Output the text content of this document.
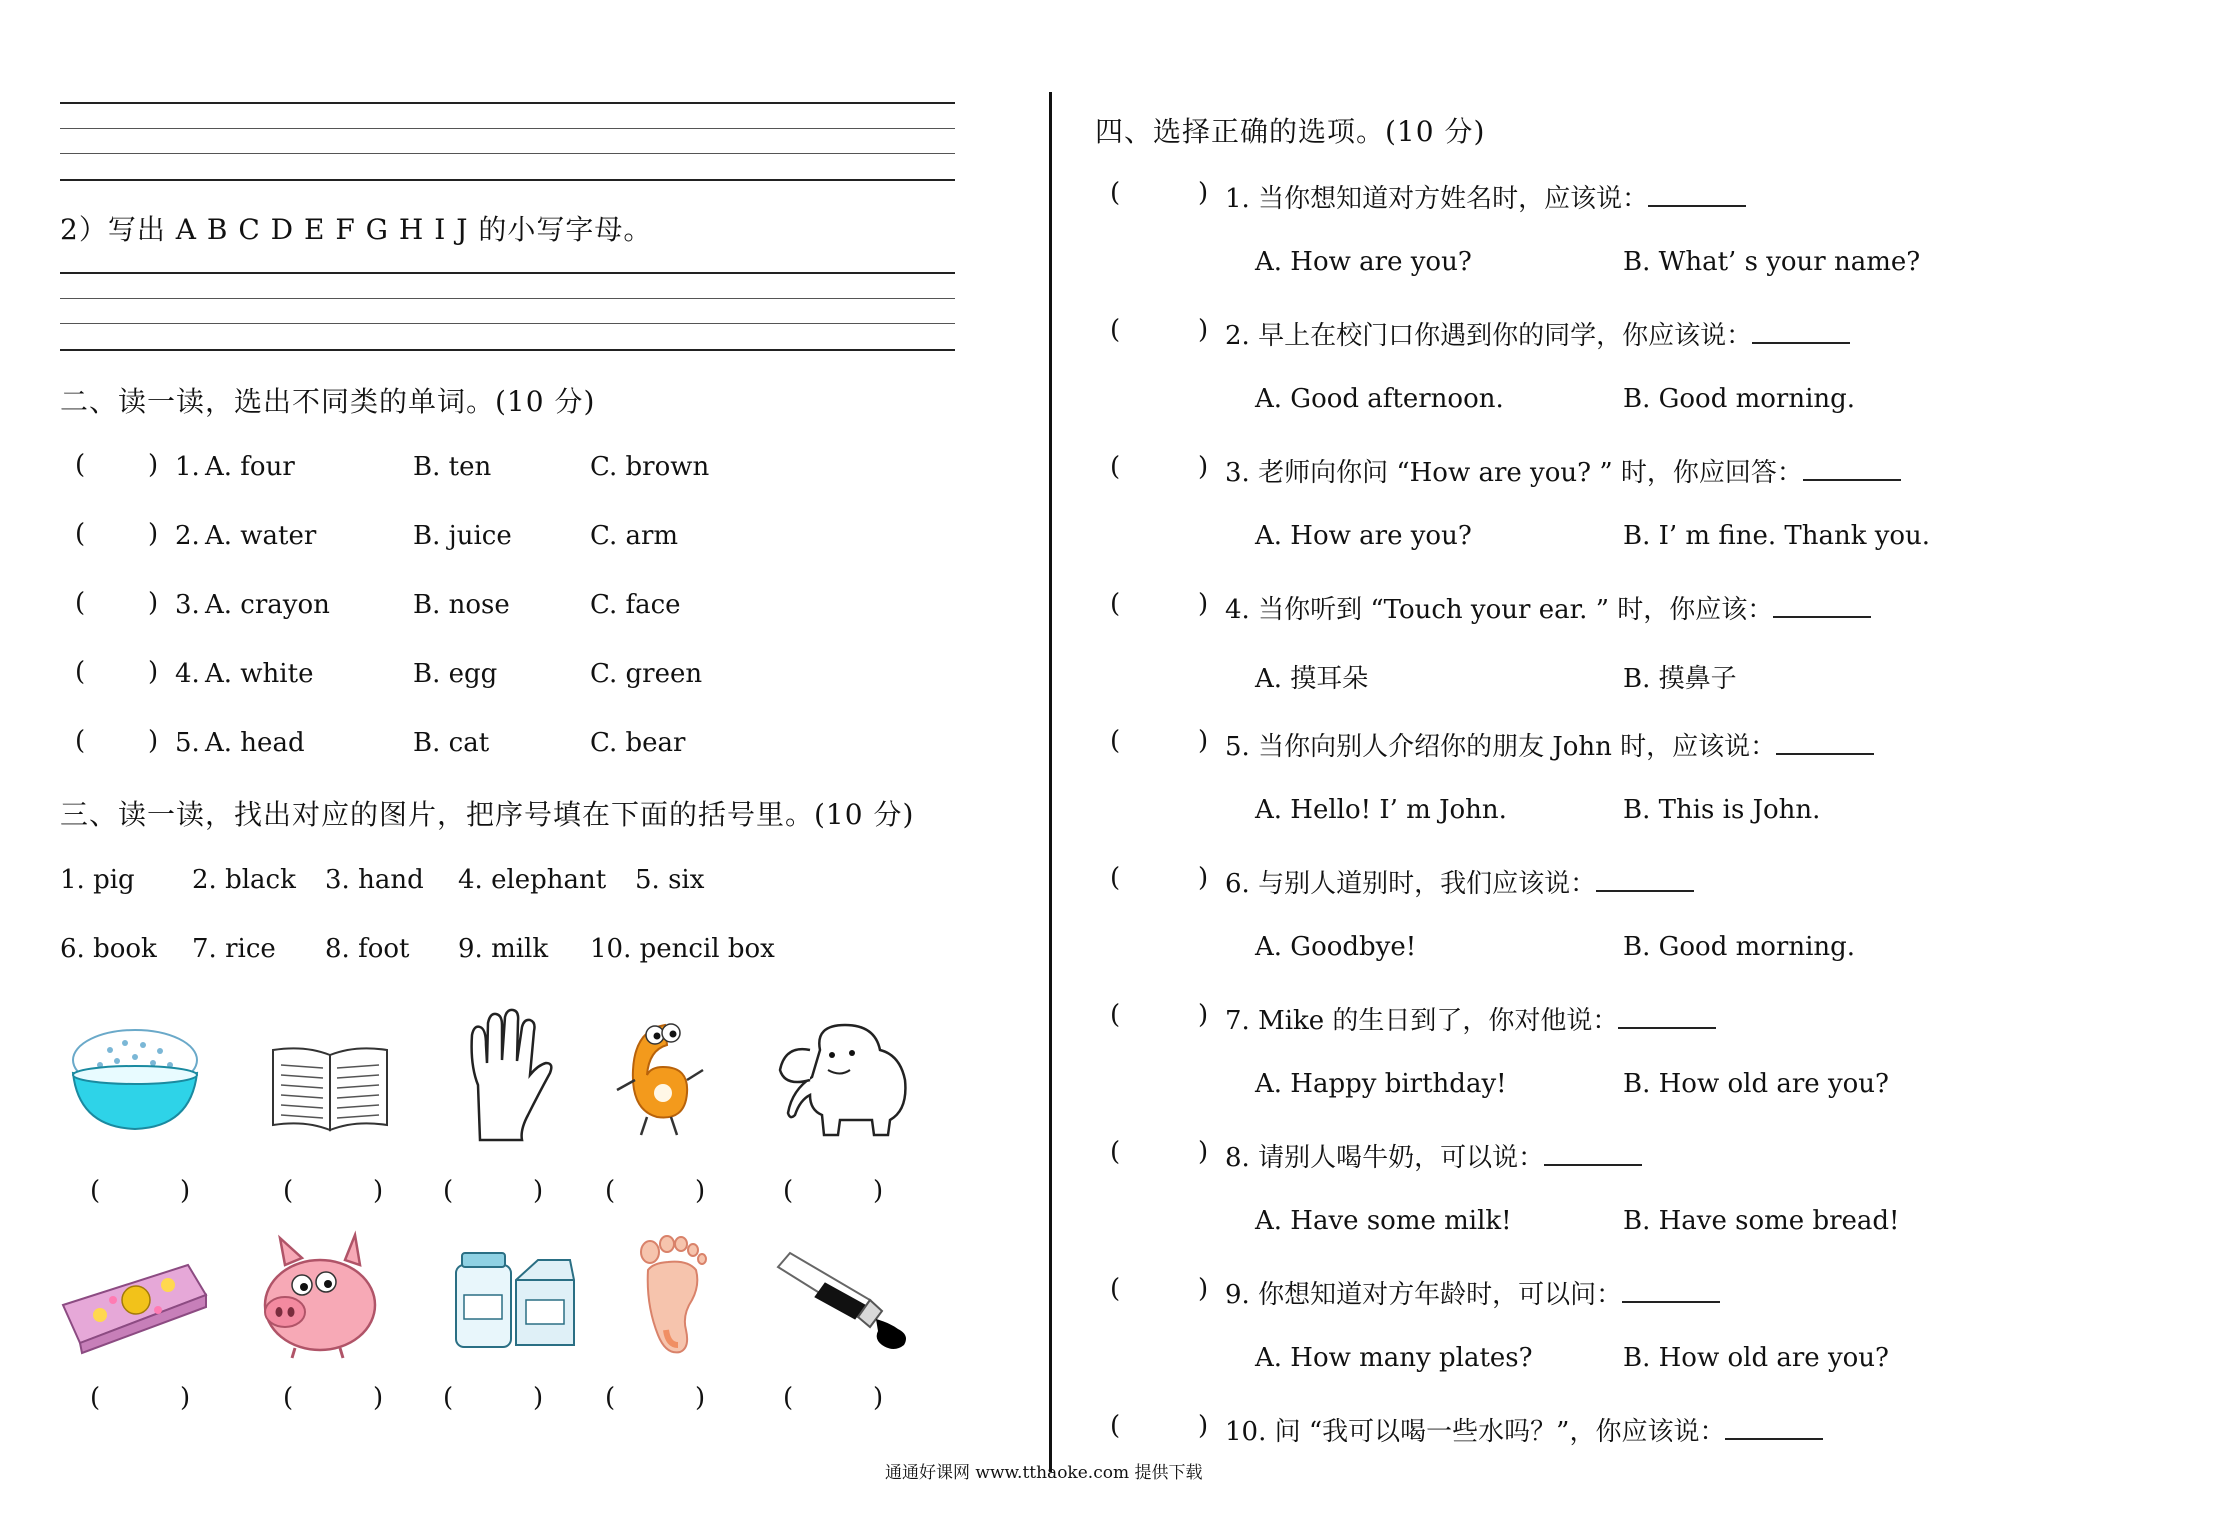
2）写出 A B C D E F G H I J 的小写字母。
二、读一读，选出不同类的单词。(10 分)
( ) 1. A. four	B. ten	C. brown
( ) 2. A. water	B. juice	C. arm
( ) 3. A. crayon	B. nose	C. face
( ) 4. A. white	B. egg	C. green
( ) 5. A. head	B. cat	C. bear
三、读一读，找出对应的图片，把序号填在下面的括号里。(10 分)
1. pig 2. black 3. hand 4. elephant 5. six
6. book 7. rice 8. foot 9. milk 10. pencil box
(	)	(	) (	) (	)	(	)
(	)	(	) (	) (	)	(	)
四、选择正确的选项。(10 分)
(	) 1. 当你想知道对方姓名时，应该说：
A. How are you?	B. What’ s your name?
(	) 2. 早上在校门口你遇到你的同学，你应该说：
A. Good afternoon.	B. Good morning.
(	) 3. 老师向你问 “How are you? ” 时，你应回答：
A. How are you?	B. I’ m fine. Thank you.
(	) 4. 当你听到 “Touch your ear. ” 时，你应该：
A. 摸耳朵	B. 摸鼻子
(	) 5. 当你向别人介绍你的朋友 John 时，应该说：
A. Hello! I’ m John.	B. This is John.
(	) 6. 与别人道别时，我们应该说：
A. Goodbye!	B. Good morning.
(	) 7. Mike 的生日到了，你对他说：
A. Happy birthday!	B. How old are you?
(	) 8. 请别人喝牛奶，可以说：
A. Have some milk!	B. Have some bread!
(	) 9. 你想知道对方年龄时，可以问：
A. How many plates?	B. How old are you?
(	) 10. 问 “我可以喝一些水吗？”，你应该说：
通通好课网 www.tthaoke.com 提供下载
